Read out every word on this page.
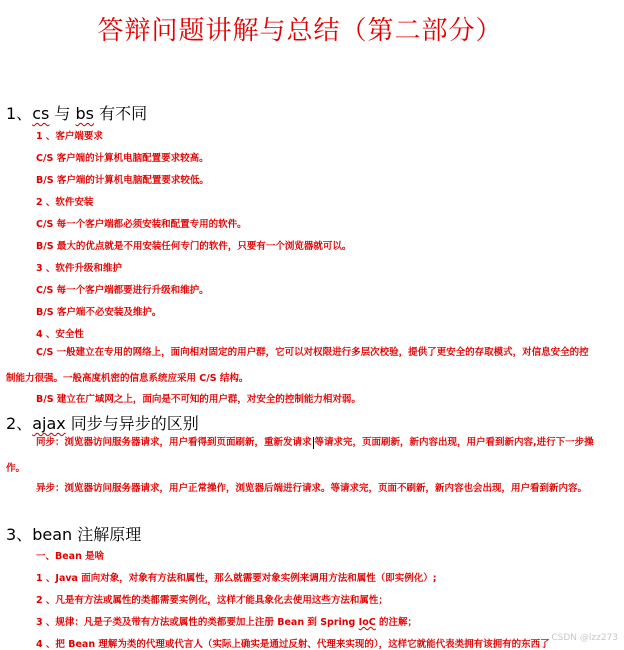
答辩问题讲解与总结（第二部分）
1、cs 与 bs 有不同
1 、客户端要求
C/S 客户端的计算机电脑配置要求较高。
B/S 客户端的计算机电脑配置要求较低。
2 、软件安装
C/S 每一个客户端都必须安装和配置专用的软件。
B/S 最大的优点就是不用安装任何专门的软件，只要有一个浏览器就可以。
3 、软件升级和维护
C/S 每一个客户端都要进行升级和维护。
B/S 客户端不必安装及维护。
4 、安全性
C/S 一般建立在专用的网络上，面向相对固定的用户群，它可以对权限进行多层次校验，提供了更安全的存取模式，对信息安全的控制能力很强。一般高度机密的信息系统应采用 C/S 结构。
B/S 建立在广域网之上，面向是不可知的用户群，对安全的控制能力相对弱。
2、ajax 同步与异步的区别
同步：浏览器访问服务器请求，用户看得到页面刷新，重新发请求 等请求完，页面刷新，新内容出现，用户看到新内容,进行下一步操作。
异步：浏览器访问服务器请求，用户正常操作，浏览器后端进行请求。等请求完，页面不刷新，新内容也会出现，用户看到新内容。
3、bean 注解原理
一、Bean 是啥
1 、Java 面向对象，对象有方法和属性，那么就需要对象实例来调用方法和属性（即实例化）;
2 、凡是有方法或属性的类都需要实例化，这样才能具象化去使用这些方法和属性；
3 、规律：凡是子类及带有方法或属性的类都要加上注册 Bean 到 Spring IoC 的注解；
4 、把 Bean 理解为类的代理或代言人（实际上确实是通过反射、代理来实现的），这样它就能代表类拥有该拥有的东西了
CSDN @lzz273
